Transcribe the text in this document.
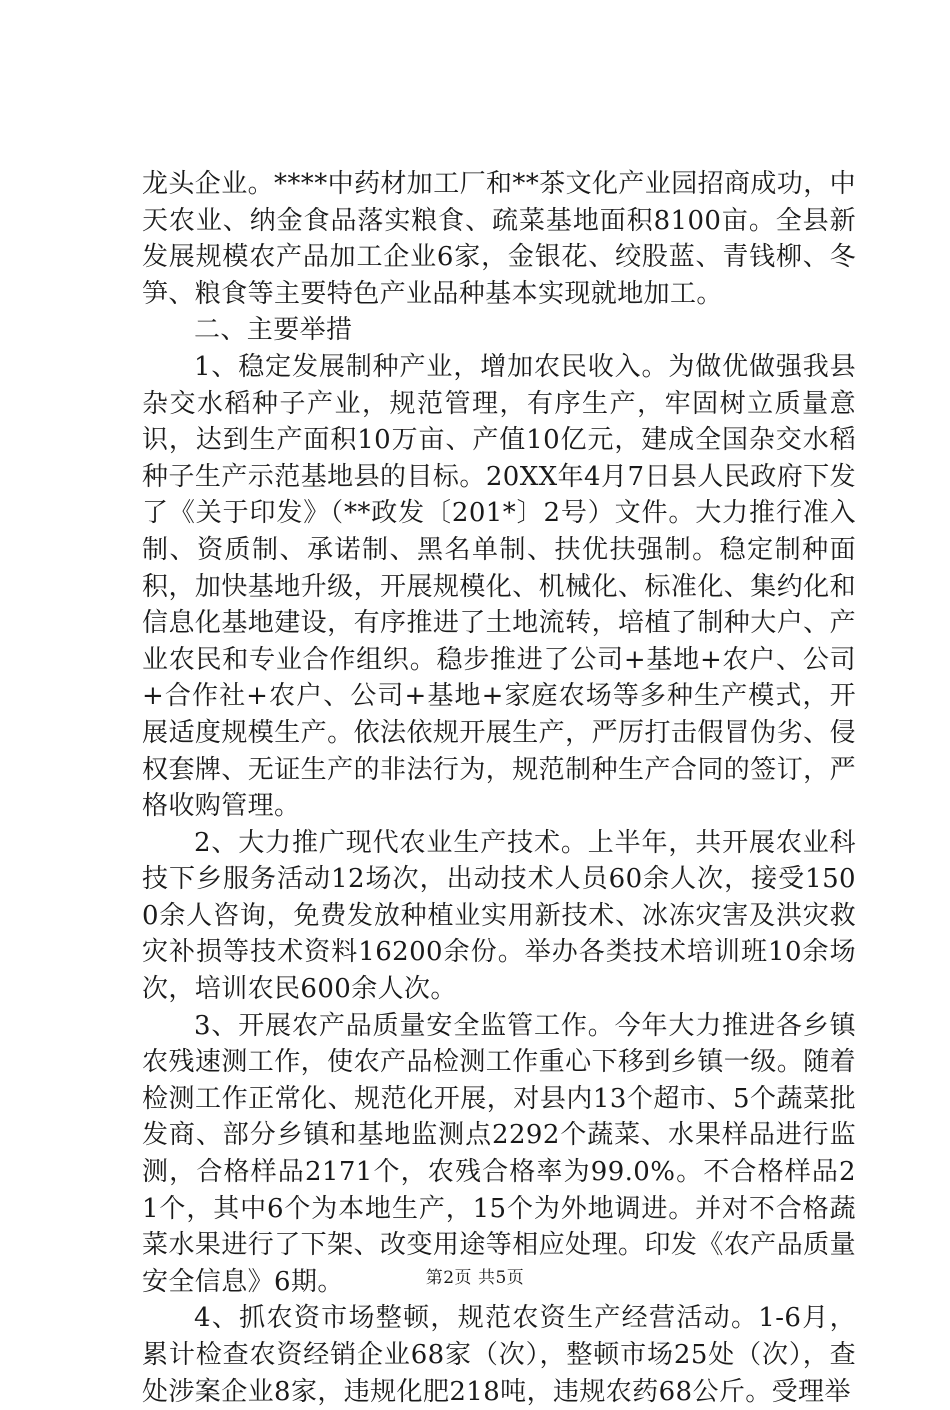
龙头企业。****中药材加工厂和**茶文化产业园招商成功，中天农业、纳金食品落实粮食、疏菜基地面积8100亩。全县新发展规模农产品加工企业6家，金银花、绞股蓝、青钱柳、冬笋、粮食等主要特色产业品种基本实现就地加工。

二、主要举措

1、稳定发展制种产业，增加农民收入。为做优做强我县杂交水稻种子产业，规范管理，有序生产，牢固树立质量意识，达到生产面积10万亩、产值10亿元，建成全国杂交水稻种子生产示范基地县的目标。20XX年4月7日县人民政府下发了《关于印发》（**政发〔201*〕2号）文件。大力推行准入制、资质制、承诺制、黑名单制、扶优扶强制。稳定制种面积，加快基地升级，开展规模化、机械化、标准化、集约化和信息化基地建设，有序推进了土地流转，培植了制种大户、产业农民和专业合作组织。稳步推进了公司+基地+农户、公司+合作社+农户、公司+基地+家庭农场等多种生产模式，开展适度规模生产。依法依规开展生产，严厉打击假冒伪劣、侵权套牌、无证生产的非法行为，规范制种生产合同的签订，严格收购管理。

2、大力推广现代农业生产技术。上半年，共开展农业科技下乡服务活动12场次，出动技术人员60余人次，接受1500余人咨询，免费发放种植业实用新技术、冰冻灾害及洪灾救灾补损等技术资料16200余份。举办各类技术培训班10余场次，培训农民600余人次。

3、开展农产品质量安全监管工作。今年大力推进各乡镇农残速测工作，使农产品检测工作重心下移到乡镇一级。随着检测工作正常化、规范化开展，对县内13个超市、5个蔬菜批发商、部分乡镇和基地监测点2292个蔬菜、水果样品进行监测，合格样品2171个，农残合格率为99.0%。不合格样品21个，其中6个为本地生产，15个为外地调进。并对不合格蔬菜水果进行了下架、改变用途等相应处理。印发《农产品质量安全信息》6期。

4、抓农资市场整顿，规范农资生产经营活动。1-6月，累计检查农资经销企业68家（次），整顿市场25处（次），查处涉案企业8家，违规化肥218吨，违规农药68公斤。受理举

第2页 共5页
